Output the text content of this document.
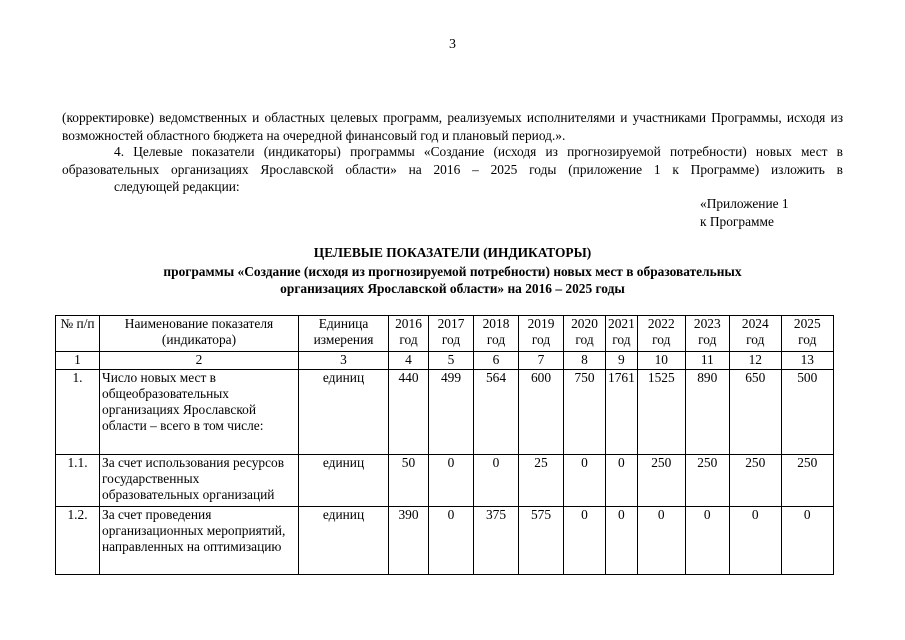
3
(корректировке) ведомственных и областных целевых программ, реализуемых исполнителями и участниками Программы, исходя из возможностей областного бюджета на очередной финансовый год и плановый период.».
4. Целевые показатели (индикаторы) программы «Создание (исходя из прогнозируемой потребности) новых мест в образовательных организациях Ярославской области» на 2016 – 2025 годы (приложение 1 к Программе) изложить в
следующей редакции:
«Приложение 1
к Программе
ЦЕЛЕВЫЕ ПОКАЗАТЕЛИ (ИНДИКАТОРЫ)
программы «Создание (исходя из прогнозируемой потребности) новых мест в образовательных
организациях Ярославской области» на 2016 – 2025 годы
№ п/п	Наименование показателя (индикатора)	Единица измерения	2016 год	2017 год	2018 год	2019 год	2020 год	2021 год	2022 год	2023 год	2024 год	2025 год
1	2	3	4	5	6	7	8	9	10	11	12	13
1.	Число новых мест в общеобразовательных организациях Ярославской области – всего в том числе:	единиц	440	499	564	600	750	1761	1525	890	650	500
1.1.	За счет использования ресурсов государственных образовательных организаций	единиц	50	0	0	25	0	0	250	250	250	250
1.2.	За счет проведения организационных мероприятий, направленных на оптимизацию	единиц	390	0	375	575	0	0	0	0	0	0
